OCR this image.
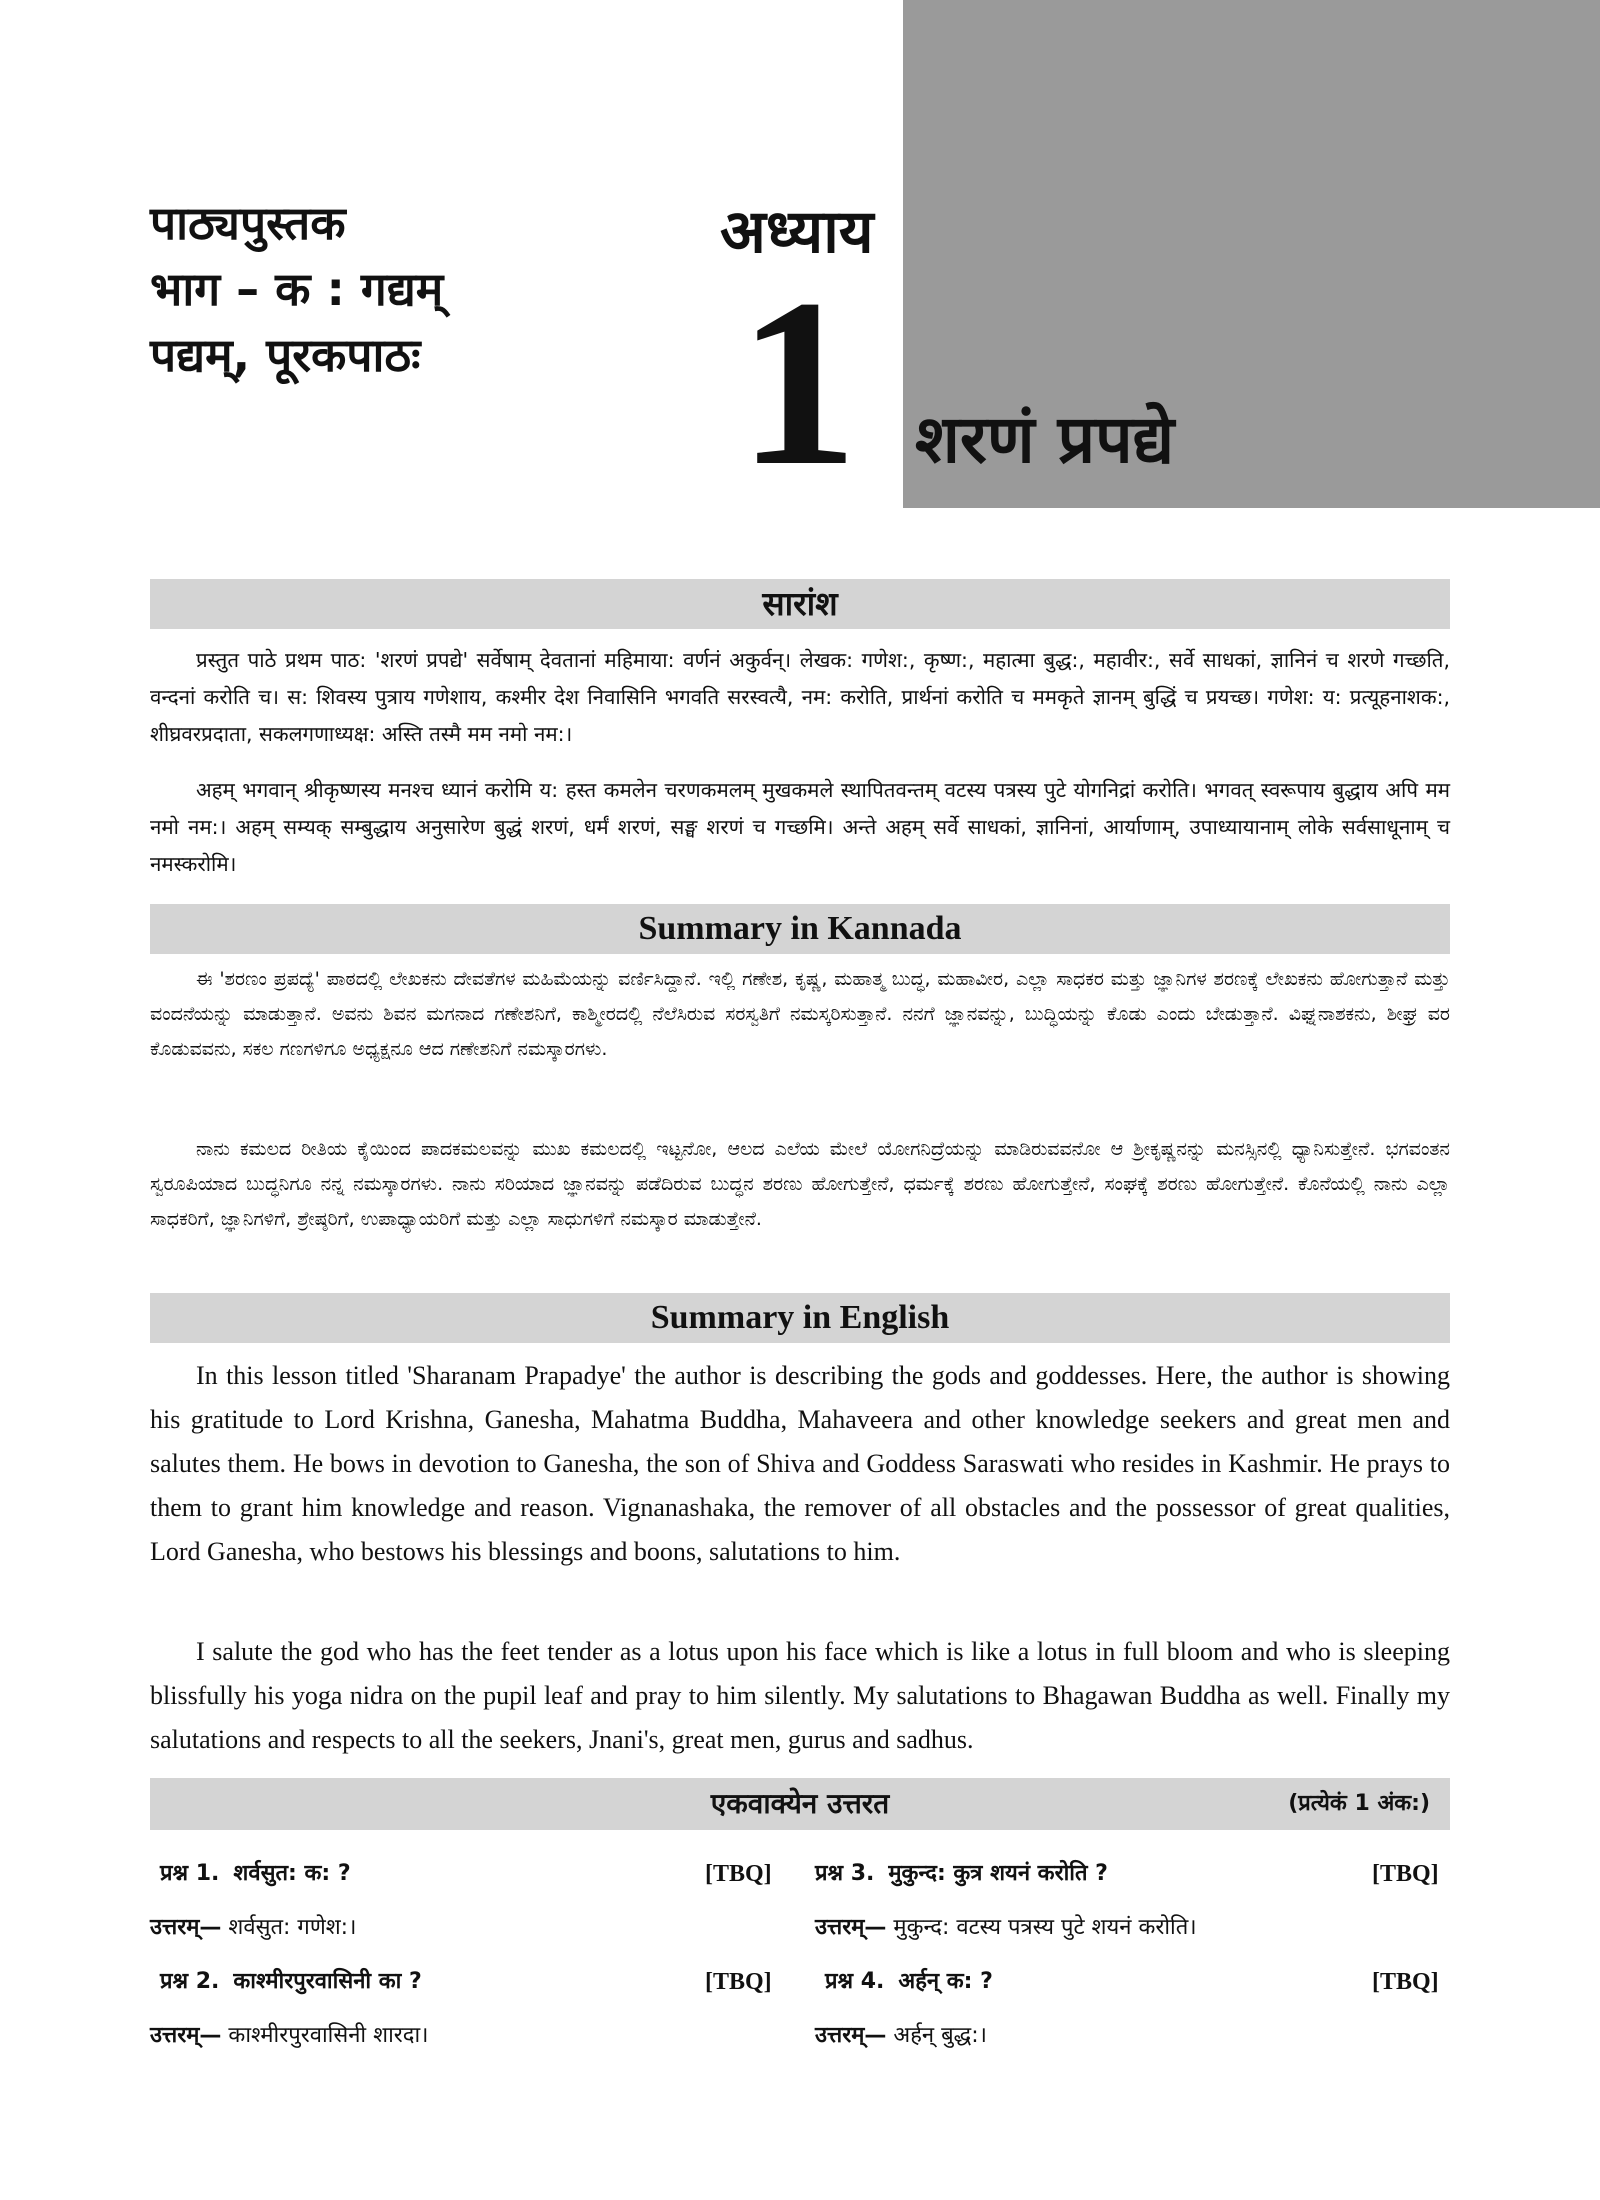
पाठ्यपुस्तक
भाग – क : गद्यम्
पद्यम्, पूरकपाठः
अध्याय
1 शरणं प्रपद्ये
सारांश

प्रस्तुत पाठे प्रथम पाठ: 'शरणं प्रपद्ये' सर्वेषाम् देवतानां महिमाया: वर्णनं अकुर्वन्। लेखक: गणेश:, कृष्ण:, महात्मा बुद्ध:, महावीर:, सर्वे साधकां, ज्ञानिनं च शरणे गच्छति, वन्दनां करोति च। स: शिवस्य पुत्राय गणेशाय, कश्मीर देश निवासिनि भगवति सरस्वत्यै, नम: करोति, प्रार्थनां करोति च ममकृते ज्ञानम् बुद्धिं च प्रयच्छ। गणेश: य: प्रत्यूहनाशक:, शीघ्रवरप्रदाता, सकलगणाध्यक्ष: अस्ति तस्मै मम नमो नम:।

अहम् भगवान् श्रीकृष्णस्य मनश्च ध्यानं करोमि य: हस्त कमलेन चरणकमलम् मुखकमले स्थापितवन्तम् वटस्य पत्रस्य पुटे योगनिद्रां करोति। भगवत् स्वरूपाय बुद्धाय अपि मम नमो नम:। अहम् सम्यक् सम्बुद्धाय अनुसारेण बुद्धं शरणं, धर्मं शरणं, सङ्घ शरणं च गच्छमि। अन्ते अहम् सर्वे साधकां, ज्ञानिनां, आर्याणाम्, उपाध्यायानाम् लोके सर्वसाधूनाम् च नमस्करोमि।

Summary in Kannada

ಈ 'ಶರಣಂ ಪ್ರಪದ್ಯೆ' ಪಾಠದಲ್ಲಿ ಲೇಖಕನು ದೇವತೆಗಳ ಮಹಿಮೆಯನ್ನು ವರ್ಣಿಸಿದ್ದಾನೆ. ಇಲ್ಲಿ ಗಣೇಶ, ಕೃಷ್ಣ, ಮಹಾತ್ಮ ಬುದ್ಧ, ಮಹಾವೀರ, ಎಲ್ಲಾ ಸಾಧಕರ ಮತ್ತು ಜ್ಞಾನಿಗಳ ಶರಣಕ್ಕೆ ಲೇಖಕನು ಹೋಗುತ್ತಾನೆ ಮತ್ತು ವಂದನೆಯನ್ನು ಮಾಡುತ್ತಾನೆ. ಅವನು ಶಿವನ ಮಗನಾದ ಗಣೇಶನಿಗೆ, ಕಾಶ್ಮೀರದಲ್ಲಿ ನೆಲೆಸಿರುವ ಸರಸ್ವತಿಗೆ ನಮಸ್ಕರಿಸುತ್ತಾನೆ. ನನಗೆ ಜ್ಞಾನವನ್ನು, ಬುದ್ಧಿಯನ್ನು ಕೊಡು ಎಂದು ಬೇಡುತ್ತಾನೆ. ವಿಘ್ನನಾಶಕನು, ಶೀಘ್ರ ವರ ಕೊಡುವವನು, ಸಕಲ ಗಣಗಳಿಗೂ ಅಧ್ಯಕ್ಷನೂ ಆದ ಗಣೇಶನಿಗೆ ನಮಸ್ಕಾರಗಳು.

ನಾನು ಕಮಲದ ರೀತಿಯ ಕೈಯಿಂದ ಪಾದಕಮಲವನ್ನು ಮುಖ ಕಮಲದಲ್ಲಿ ಇಟ್ಟನೋ, ಆಲದ ಎಲೆಯ ಮೇಲೆ ಯೋಗನಿದ್ರೆಯನ್ನು ಮಾಡಿರುವವನೋ ಆ ಶ್ರೀಕೃಷ್ಣನನ್ನು ಮನಸ್ಸಿನಲ್ಲಿ ಧ್ಯಾನಿಸುತ್ತೇನೆ. ಭಗವಂತನ ಸ್ವರೂಪಿಯಾದ ಬುದ್ಧನಿಗೂ ನನ್ನ ನಮಸ್ಕಾರಗಳು. ನಾನು ಸರಿಯಾದ ಜ್ಞಾನವನ್ನು ಪಡೆದಿರುವ ಬುದ್ಧನ ಶರಣು ಹೋಗುತ್ತೇನೆ, ಧರ್ಮಕ್ಕೆ ಶರಣು ಹೋಗುತ್ತೇನೆ, ಸಂಘಕ್ಕೆ ಶರಣು ಹೋಗುತ್ತೇನೆ. ಕೊನೆಯಲ್ಲಿ ನಾನು ಎಲ್ಲಾ ಸಾಧಕರಿಗೆ, ಜ್ಞಾನಿಗಳಿಗೆ, ಶ್ರೇಷ್ಠರಿಗೆ, ಉಪಾಧ್ಯಾಯರಿಗೆ ಮತ್ತು ಎಲ್ಲಾ ಸಾಧುಗಳಿಗೆ ನಮಸ್ಕಾರ ಮಾಡುತ್ತೇನೆ.

Summary in English

In this lesson titled 'Sharanam Prapadye' the author is describing the gods and goddesses. Here, the author is showing his gratitude to Lord Krishna, Ganesha, Mahatma Buddha, Mahaveera and other knowledge seekers and great men and salutes them. He bows in devotion to Ganesha, the son of Shiva and Goddess Saraswati who resides in Kashmir. He prays to them to grant him knowledge and reason. Vignanashaka, the remover of all obstacles and the possessor of great qualities, Lord Ganesha, who bestows his blessings and boons, salutations to him.

I salute the god who has the feet tender as a lotus upon his face which is like a lotus in full bloom and who is sleeping blissfully his yoga nidra on the pupil leaf and pray to him silently. My salutations to Bhagawan Buddha as well. Finally my salutations and respects to all the seekers, Jnani's, great men, gurus and sadhus.

एकवाक्येन उत्तरत	(प्रत्येकं 1 अंक:)
प्रश्न 1. शर्वसुत: क: ?	[TBQ]
उत्तरम्— शर्वसुत: गणेश:।
प्रश्न 2. काश्मीरपुरवासिनी का ?	[TBQ]
उत्तरम्— काश्मीरपुरवासिनी शारदा।
प्रश्न 3. मुकुन्द: कुत्र शयनं करोति ?	[TBQ]
उत्तरम्— मुकुन्द: वटस्य पत्रस्य पुटे शयनं करोति।
प्रश्न 4. अर्हन् क: ?	[TBQ]
उत्तरम्— अर्हन् बुद्ध:।
